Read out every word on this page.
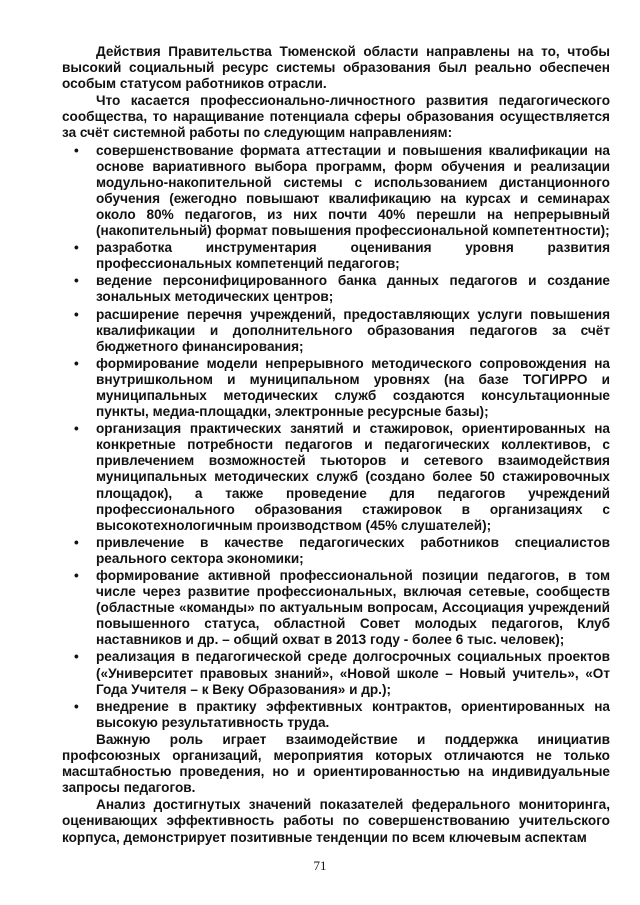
Действия Правительства Тюменской области направлены на то, чтобы высокий социальный ресурс системы образования был реально обеспечен особым статусом работников отрасли.

Что касается профессионально-личностного развития педагогического сообщества, то наращивание потенциала сферы образования осуществляется за счёт системной работы по следующим направлениям:

• совершенствование формата аттестации и повышения квалификации на основе вариативного выбора программ, форм обучения и реализации модульно-накопительной системы с использованием дистанционного обучения (ежегодно повышают квалификацию на курсах и семинарах около 80% педагогов, из них почти 40% перешли на непрерывный (накопительный) формат повышения профессиональной компетентности);
• разработка инструментария оценивания уровня развития профессиональных компетенций педагогов;
• ведение персонифицированного банка данных педагогов и создание зональных методических центров;
• расширение перечня учреждений, предоставляющих услуги повышения квалификации и дополнительного образования педагогов за счёт бюджетного финансирования;
• формирование модели непрерывного методического сопровождения на внутришкольном и муниципальном уровнях (на базе ТОГИРРО и муниципальных методических служб создаются консультационные пункты, медиа-площадки, электронные ресурсные базы);
• организация практических занятий и стажировок, ориентированных на конкретные потребности педагогов и педагогических коллективов, с привлечением возможностей тьюторов и сетевого взаимодействия муниципальных методических служб (создано более 50 стажировочных площадок), а также проведение для педагогов учреждений профессионального образования стажировок в организациях с высокотехнологичным производством (45% слушателей);
• привлечение в качестве педагогических работников специалистов реального сектора экономики;
• формирование активной профессиональной позиции педагогов, в том числе через развитие профессиональных, включая сетевые, сообществ (областные «команды» по актуальным вопросам, Ассоциация учреждений повышенного статуса, областной Совет молодых педагогов, Клуб наставников и др. – общий охват в 2013 году - более 6 тыс. человек);
• реализация в педагогической среде долгосрочных социальных проектов («Университет правовых знаний», «Новой школе – Новый учитель», «От Года Учителя – к Веку Образования» и др.);
• внедрение в практику эффективных контрактов, ориентированных на высокую результативность труда.

Важную роль играет взаимодействие и поддержка инициатив профсоюзных организаций, мероприятия которых отличаются не только масштабностью проведения, но и ориентированностью на индивидуальные запросы педагогов.

Анализ достигнутых значений показателей федерального мониторинга, оценивающих эффективность работы по совершенствованию учительского корпуса, демонстрирует позитивные тенденции по всем ключевым аспектам

71
